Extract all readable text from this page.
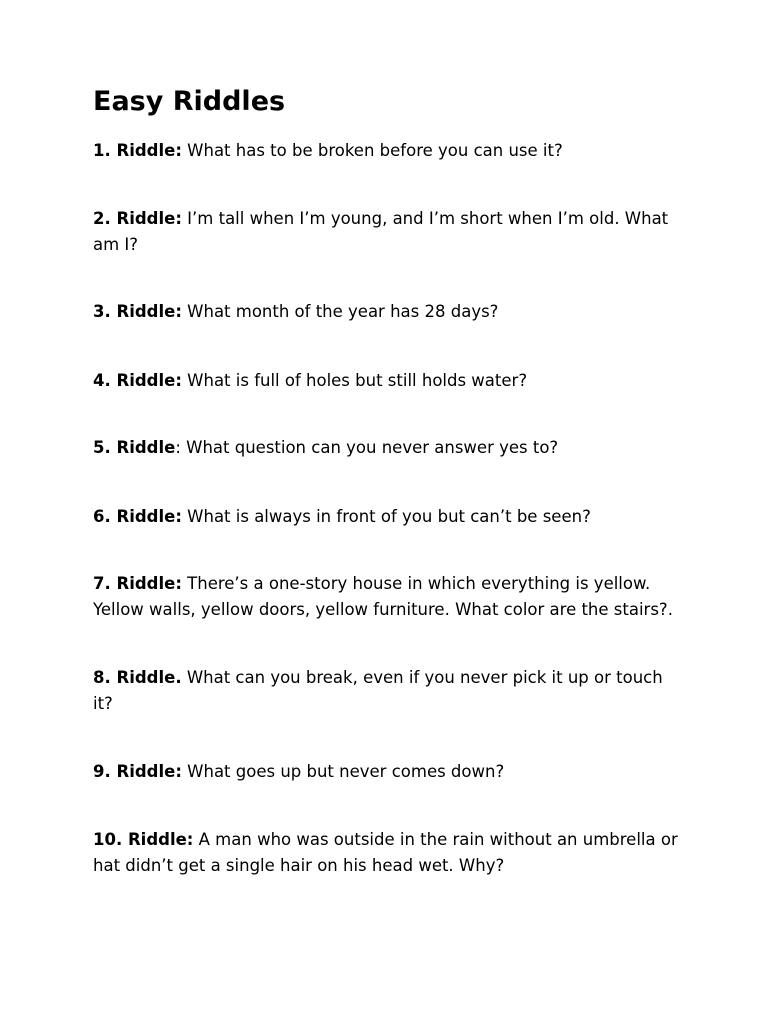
Easy Riddles

1. Riddle: What has to be broken before you can use it?

2. Riddle: I’m tall when I’m young, and I’m short when I’m old. What am I?

3. Riddle: What month of the year has 28 days?

4. Riddle: What is full of holes but still holds water?

5. Riddle: What question can you never answer yes to?

6. Riddle: What is always in front of you but can’t be seen?

7. Riddle: There’s a one-story house in which everything is yellow. Yellow walls, yellow doors, yellow furniture. What color are the stairs?.

8. Riddle. What can you break, even if you never pick it up or touch it?

9. Riddle: What goes up but never comes down?

10. Riddle: A man who was outside in the rain without an umbrella or hat didn’t get a single hair on his head wet. Why?
